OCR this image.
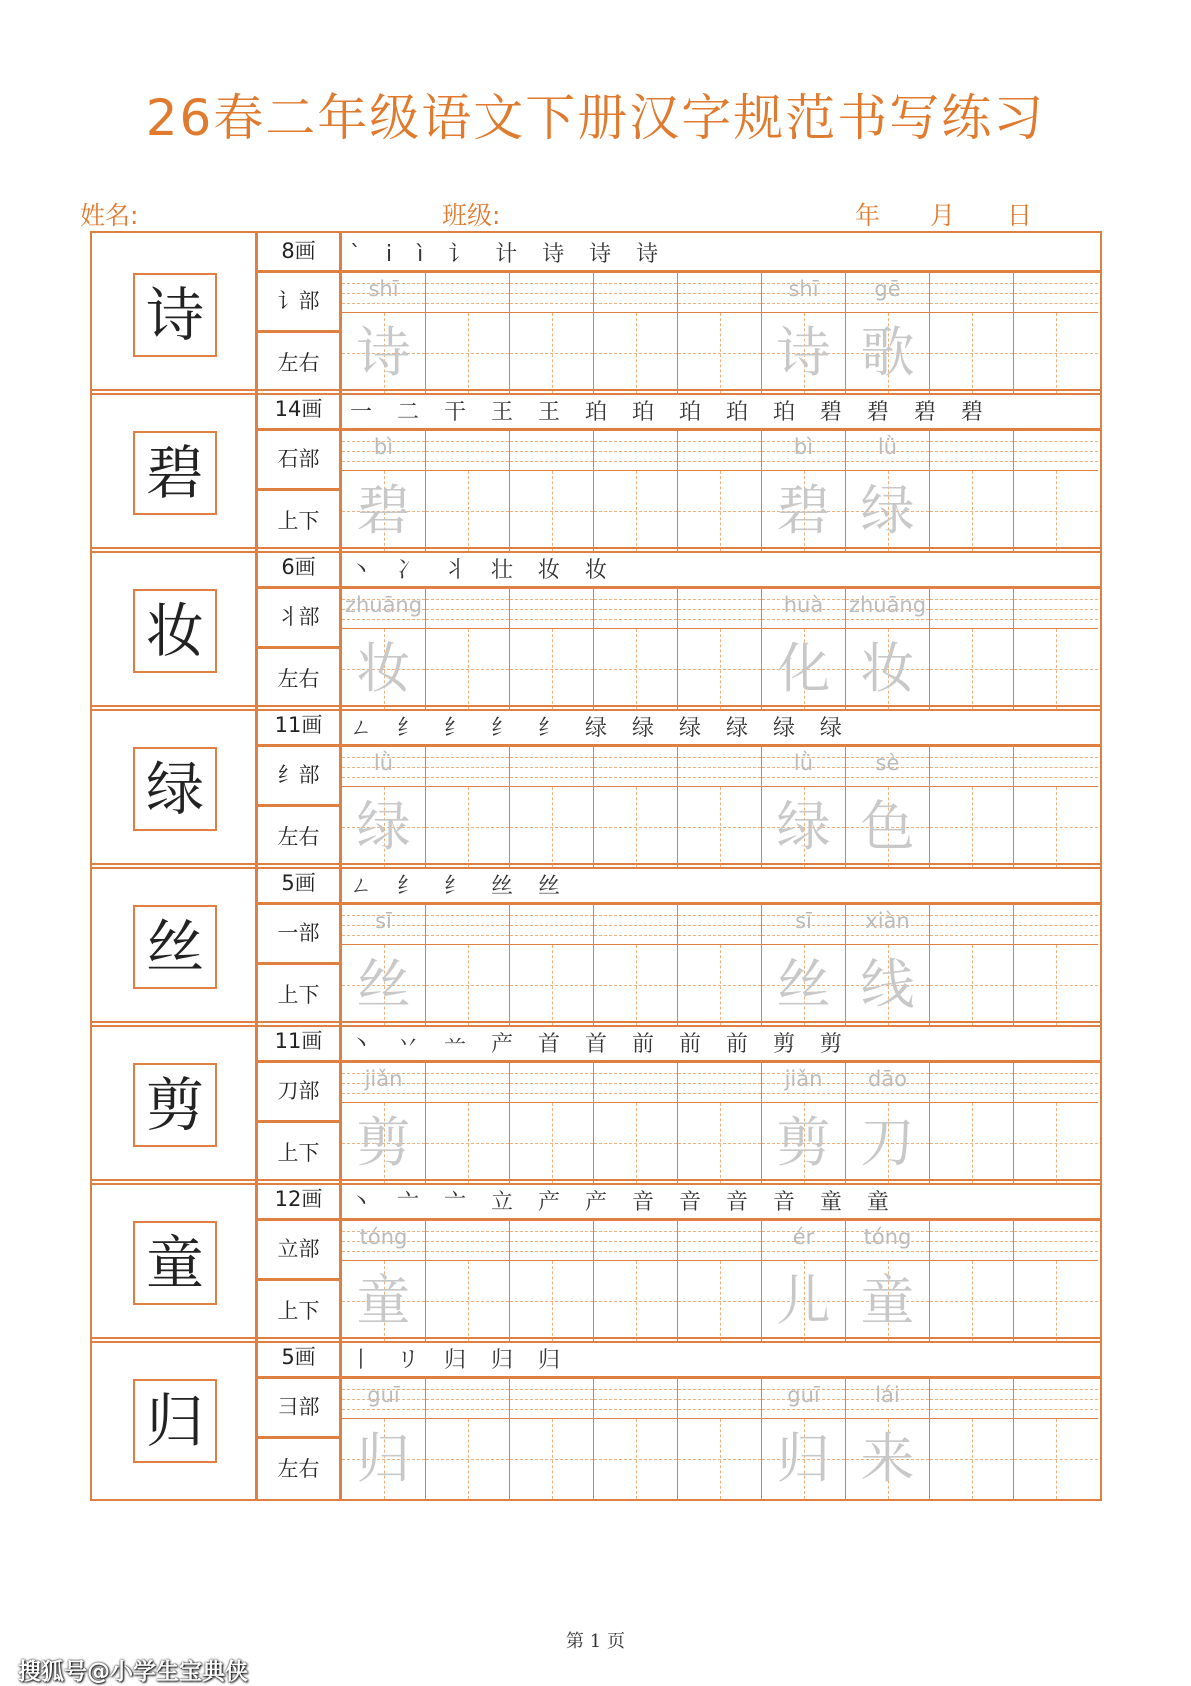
26春二年级语文下册汉字规范书写练习
姓名:	班级:	年 月 日
诗
8画
讠部
左右
` i ì 讠 计 诗 诗 诗
shī
诗
shī
诗
gē
歌
碧
14画
石部
上下
一 二 干 王 王 珀 珀 珀 珀 珀 碧 碧 碧 碧
bì
碧
bì
碧
lǜ
绿
妆
6画
丬部
左右
丶 冫 丬 壮 妆 妆
zhuāng
妆
huà
化
zhuāng
妆
绿
11画
纟部
左右
ㄥ 纟 纟 纟 纟 绿 绿 绿 绿 绿 绿
lǜ
绿
lǜ
绿
sè
色
丝
5画
一部
上下
ㄥ 纟 纟 丝 丝
sī
丝
sī
丝
xiàn
线
剪
11画
刀部
上下
丶 丷 䒑 产 首 首 前 前 前 剪 剪
jiǎn
剪
jiǎn
剪
dāo
刀
童
12画
立部
上下
丶 亠 亠 立 产 产 音 音 音 音 童 童
tóng
童
ér
儿
tóng
童
归
5画
彐部
左右
丨 リ 归 归 归
guī
归
guī
归
lái
来
第 1 页
搜狐号@小学生宝典侠
